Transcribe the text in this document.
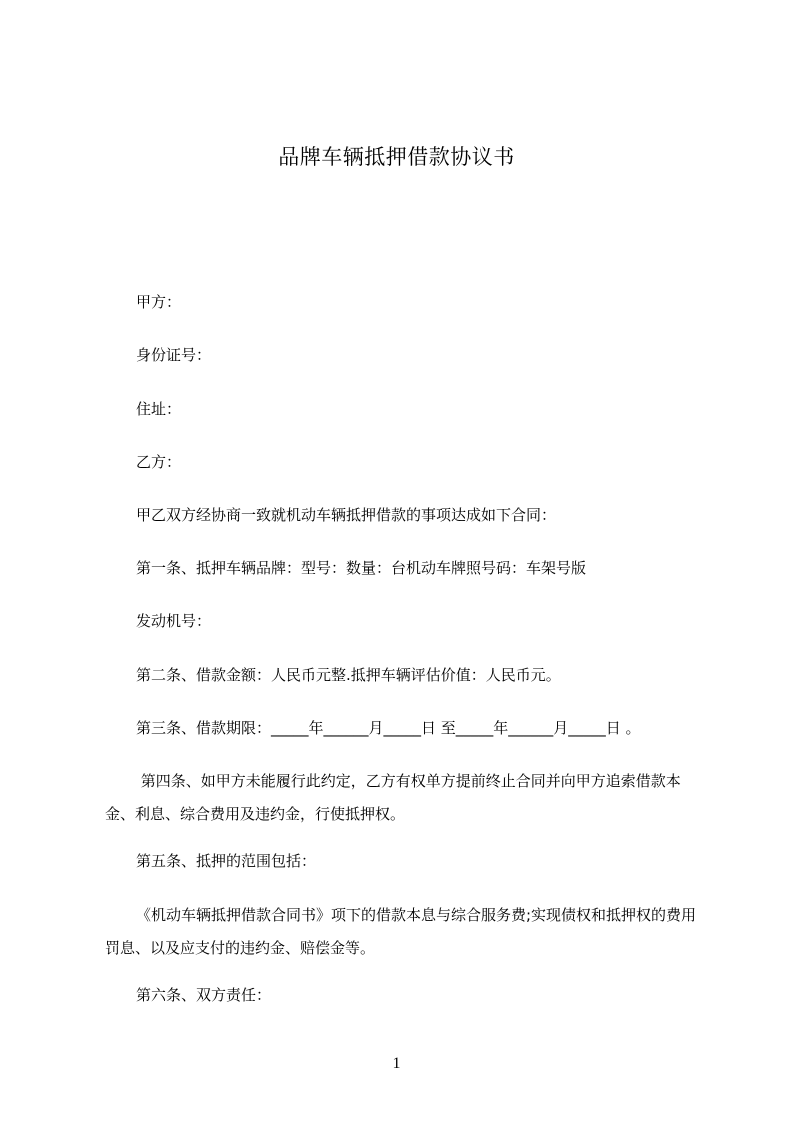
品牌车辆抵押借款协议书
甲方：
身份证号：
住址：
乙方：
甲乙双方经协商一致就机动车辆抵押借款的事项达成如下合同：
第一条、抵押车辆品牌：型号：数量：台机动车牌照号码：车架号版
发动机号：
第二条、借款金额：人民币元整.抵押车辆评估价值：人民币元。
第三条、借款期限：_____年______月_____日 至_____年______月_____日 。
第四条、如甲方未能履行此约定，乙方有权单方提前终止合同并向甲方追索借款本金、利息、综合费用及违约金，行使抵押权。
第五条、抵押的范围包括：
《机动车辆抵押借款合同书》项下的借款本息与综合服务费;实现债权和抵押权的费用罚息、以及应支付的违约金、赔偿金等。
第六条、双方责任：
1
